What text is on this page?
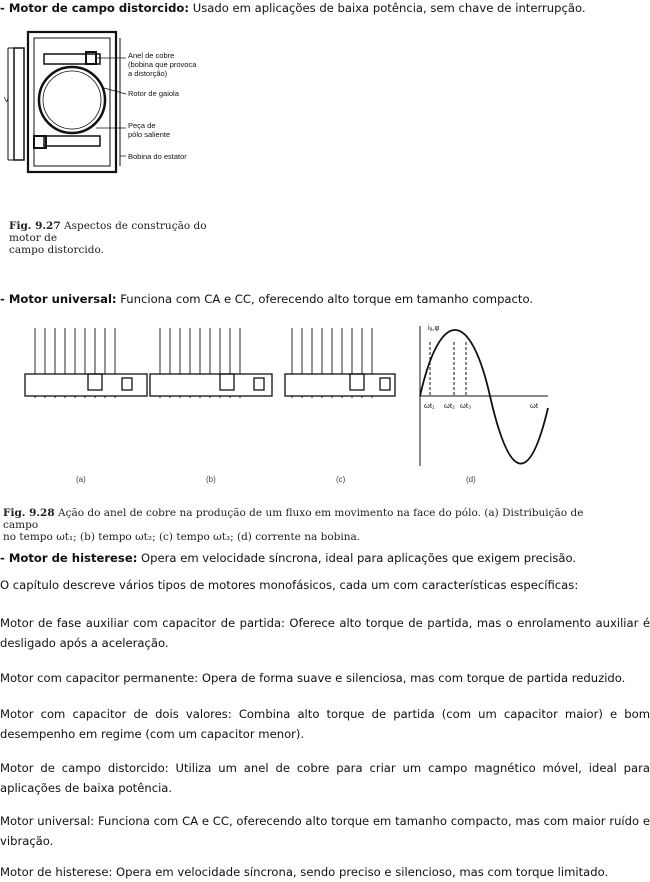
- Motor de campo distorcido: Usado em aplicações de baixa potência, sem chave de interrupção.
V
Anel de cobre
(bobina que provoca
a distorção)
Rotor de gaiola
Peça de
pólo saliente
Bobina do estator
Fig. 9.27 Aspectos de construção do motor de
campo distorcido.
- Motor universal: Funciona com CA e CC, oferecendo alto torque em tamanho compacto.
iₐ,φ
ωt
ωt₁ ωt₂ ωt₃
(a)	(b)	(c)	(d)
Fig. 9.28 Ação do anel de cobre na produção de um fluxo em movimento na face do pólo. (a) Distribuição de campo
no tempo ωt₁; (b) tempo ωt₂; (c) tempo ωt₃; (d) corrente na bobina.
- Motor de histerese: Opera em velocidade síncrona, ideal para aplicações que exigem precisão.
O capítulo descreve vários tipos de motores monofásicos, cada um com características específicas:
Motor de fase auxiliar com capacitor de partida: Oferece alto torque de partida, mas o enrolamento auxiliar é desligado após a aceleração.
Motor com capacitor permanente: Opera de forma suave e silenciosa, mas com torque de partida reduzido.
Motor com capacitor de dois valores: Combina alto torque de partida (com um capacitor maior) e bom desempenho em regime (com um capacitor menor).
Motor de campo distorcido: Utiliza um anel de cobre para criar um campo magnético móvel, ideal para aplicações de baixa potência.
Motor universal: Funciona com CA e CC, oferecendo alto torque em tamanho compacto, mas com maior ruído e vibração.
Motor de histerese: Opera em velocidade síncrona, sendo preciso e silencioso, mas com torque limitado.
